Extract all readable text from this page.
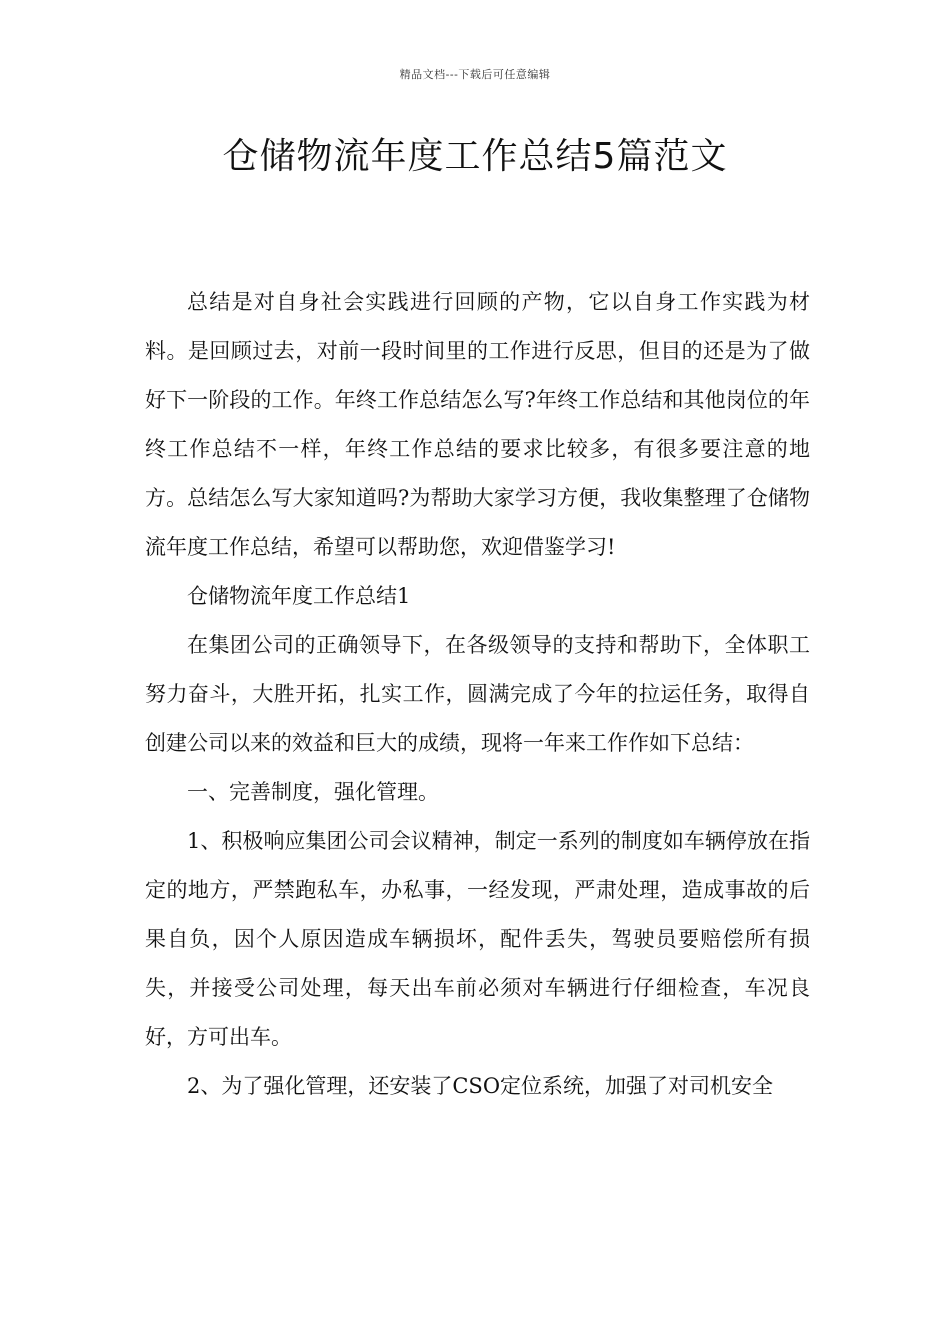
精品文档---下载后可任意编辑
仓储物流年度工作总结5篇范文

总结是对自身社会实践进行回顾的产物，它以自身工作实践为材料。是回顾过去，对前一段时间里的工作进行反思，但目的还是为了做好下一阶段的工作。年终工作总结怎么写?年终工作总结和其他岗位的年终工作总结不一样，年终工作总结的要求比较多，有很多要注意的地方。总结怎么写大家知道吗?为帮助大家学习方便，我收集整理了仓储物流年度工作总结，希望可以帮助您，欢迎借鉴学习!

仓储物流年度工作总结1

在集团公司的正确领导下，在各级领导的支持和帮助下，全体职工努力奋斗，大胜开拓，扎实工作，圆满完成了今年的拉运任务，取得自创建公司以来的效益和巨大的成绩，现将一年来工作作如下总结：

一、完善制度，强化管理。

1、积极响应集团公司会议精神，制定一系列的制度如车辆停放在指定的地方，严禁跑私车，办私事，一经发现，严肃处理，造成事故的后果自负，因个人原因造成车辆损坏，配件丢失，驾驶员要赔偿所有损失，并接受公司处理，每天出车前必须对车辆进行仔细检查，车况良好，方可出车。

2、为了强化管理，还安装了CSO定位系统，加强了对司机安全
